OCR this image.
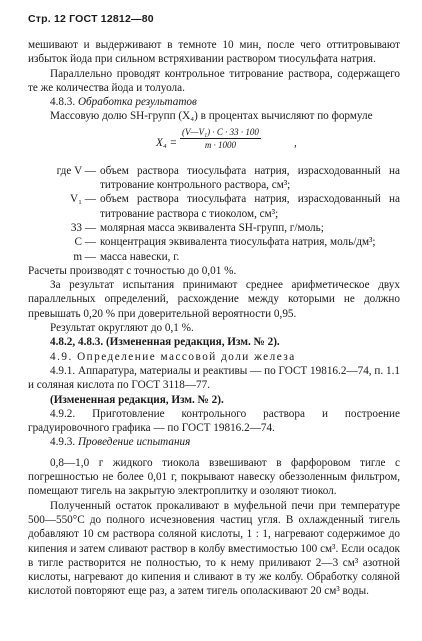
Стр. 12 ГОСТ 12812—80

мешивают и выдерживают в темноте 10 мин, после чего оттитровывают избыток йода при сильном встряхивании раствором тиосульфата натрия.

Параллельно проводят контрольное титрование раствора, содержащего те же количества йода и толуола.

4.8.3. Обработка результатов

Массовую долю SH-групп (X₄) в процентах вычисляют по формуле

$X_4 = \frac{\text{(V—V₁) · C · 33 · 100}}{m \cdot 1000}$	,
где V — объем раствора тиосульфата натрия, израсходованный на титрование контрольного раствора, см³;

V₁ — объем раствора тиосульфата натрия, израсходованный на титрование раствора с тиоколом, см³;

33 — молярная масса эквивалента SH-групп, г/моль;

C — концентрация эквивалента тиосульфата натрия, моль/дм³;

m — масса навески, г.

Расчеты производят с точностью до 0,01 %.

За результат испытания принимают среднее арифметическое двух параллельных определений, расхождение между которыми не должно превышать 0,20 % при доверительной вероятности 0,95.

Результат округляют до 0,1 %.

4.8.2, 4.8.3. (Измененная редакция, Изм. № 2).

4.9. Определение массовой доли железа

4.9.1. Аппаратура, материалы и реактивы — по ГОСТ 19816.2—74, п. 1.1 и соляная кислота по ГОСТ 3118—77.

(Измененная редакция, Изм. № 2).

4.9.2. Приготовление контрольного раствора и построение градуировочного графика — по ГОСТ 19816.2—74.

4.9.3. Проведение испытания

0,8—1,0 г жидкого тиокола взвешивают в фарфоровом тигле с погрешностью не более 0,01 г, покрывают навеску обеззоленным фильтром, помещают тигель на закрытую электроплитку и озоляют тиокол.

Полученный остаток прокаливают в муфельной печи при температуре 500—550°С до полного исчезновения частиц угля. В охлажденный тигель добавляют 10 см раствора соляной кислоты, 1 : 1, нагревают содержимое до кипения и затем сливают раствор в колбу вместимостью 100 см³. Если осадок в тигле растворится не полностью, то к нему приливают 2—3 см³ азотной кислоты, нагревают до кипения и сливают в ту же колбу. Обработку соляной кислотой повторяют еще раз, а затем тигель ополаскивают 20 см³ воды.
